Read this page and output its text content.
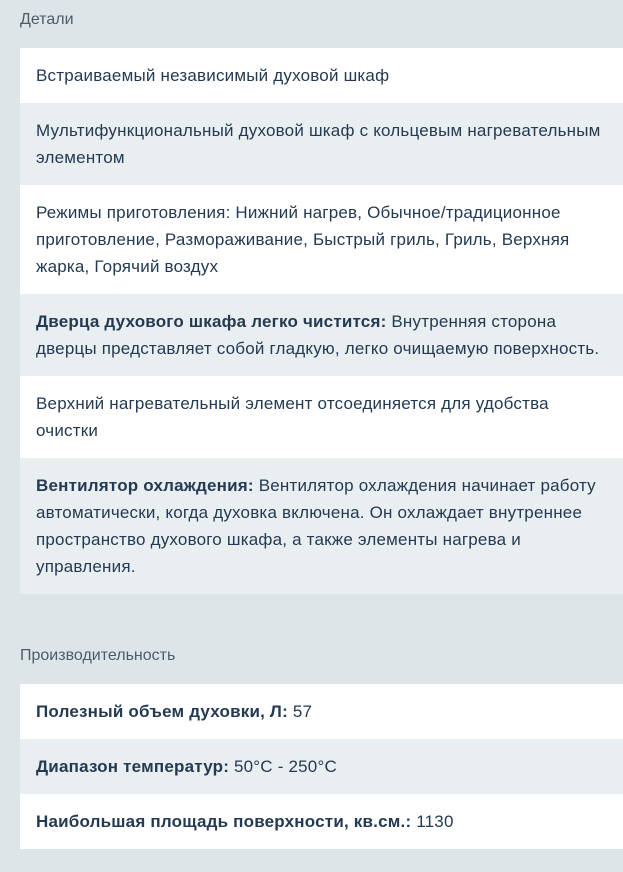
Детали
Встраиваемый независимый духовой шкаф
Мультифункциональный духовой шкаф с кольцевым нагревательным элементом
Режимы приготовления: Нижний нагрев, Обычное/традиционное приготовление, Размораживание, Быстрый гриль, Гриль, Верхняя жарка, Горячий воздух
Дверца духового шкафа легко чистится: Внутренняя сторона дверцы представляет собой гладкую, легко очищаемую поверхность.
Верхний нагревательный элемент отсоединяется для удобства очистки
Вентилятор охлаждения: Вентилятор охлаждения начинает работу автоматически, когда духовка включена. Он охлаждает внутреннее пространство духового шкафа, а также элементы нагрева и управления.
Производительность
Полезный объем духовки, Л: 57
Диапазон температур: 50°C - 250°C
Наибольшая площадь поверхности, кв.см.: 1130
